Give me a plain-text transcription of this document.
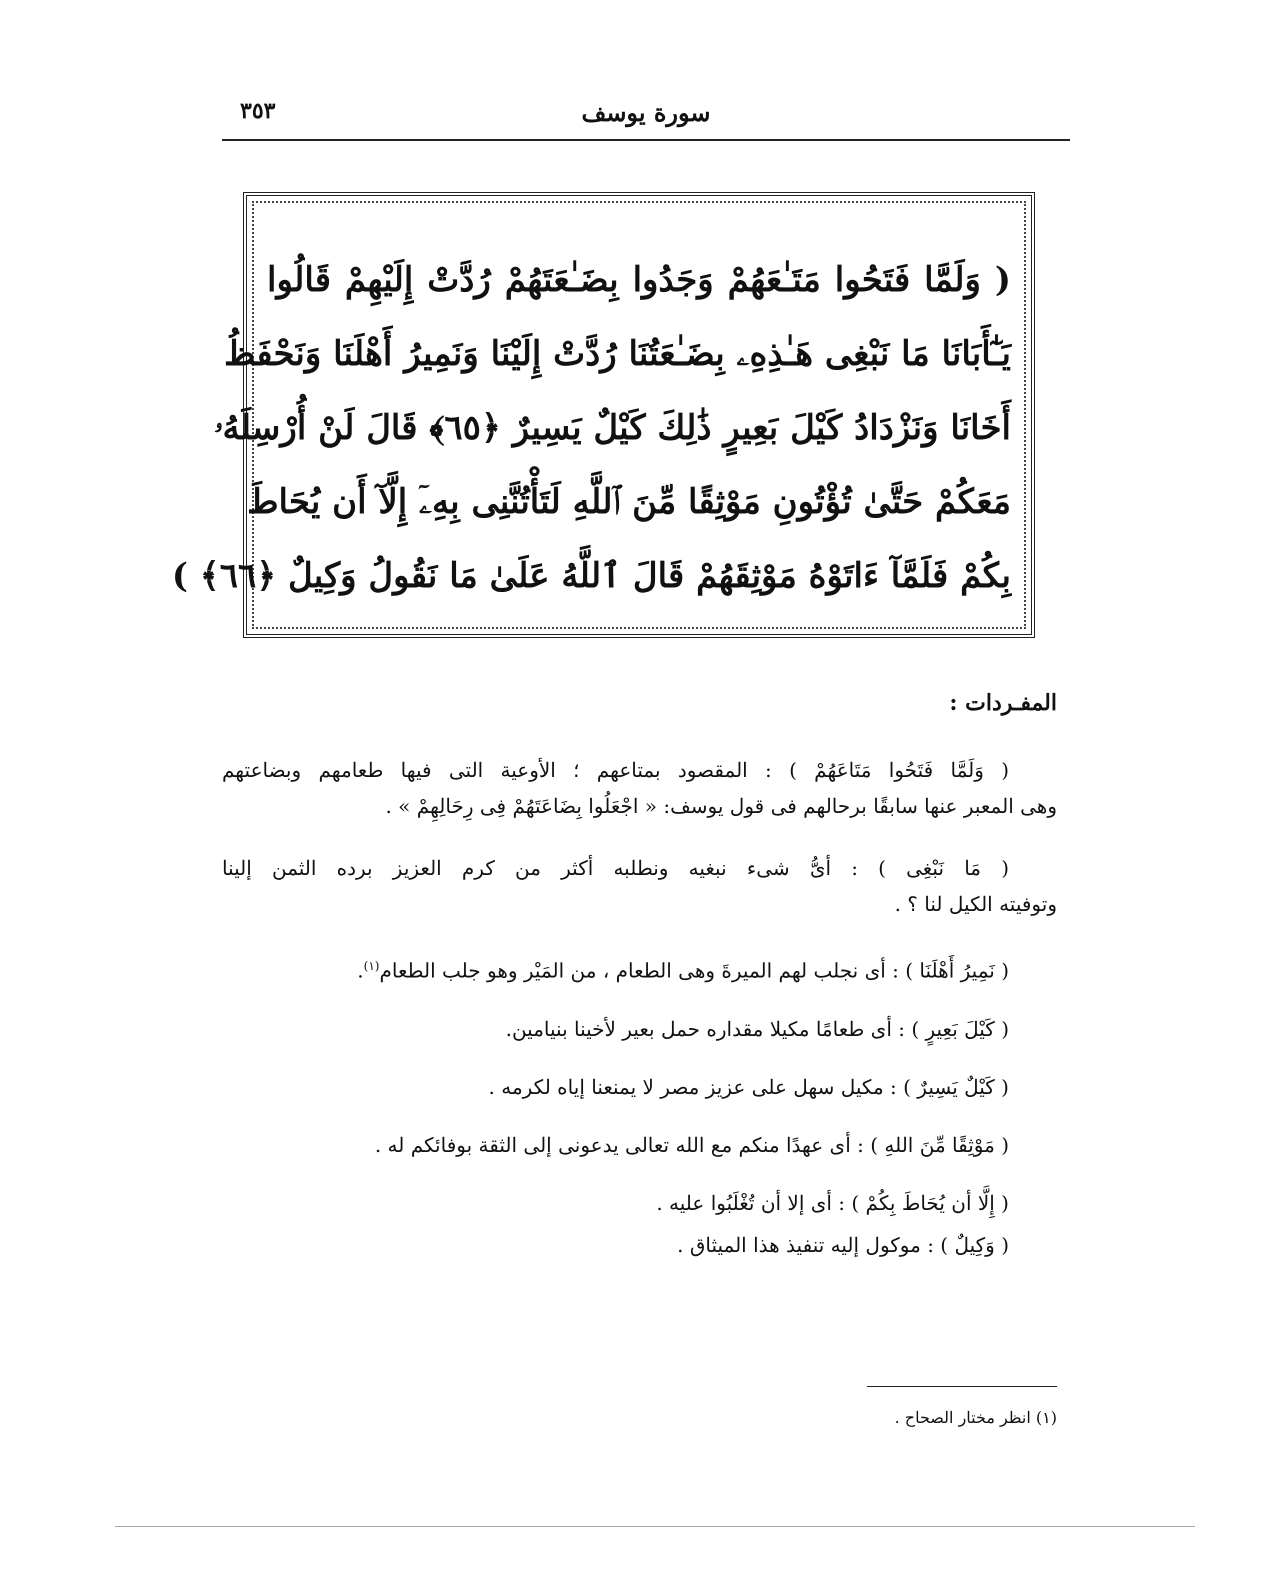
سورة يوسف
٣٥٣
( وَلَمَّا فَتَحُوا مَتَـٰعَهُمْ وَجَدُوا بِضَـٰعَتَهُمْ رُدَّتْ إِلَيْهِمْ قَالُوا
يَـٰٓأَبَانَا مَا نَبْغِى هَـٰذِهِۦ بِضَـٰعَتُنَا رُدَّتْ إِلَيْنَا وَنَمِيرُ أَهْلَنَا وَنَحْفَظُ
أَخَانَا وَنَزْدَادُ كَيْلَ بَعِيرٍ ذَٰلِكَ كَيْلٌ يَسِيرٌ ﴿٦٥﴾ قَالَ لَنْ أُرْسِلَهُۥ
مَعَكُمْ حَتَّىٰ تُؤْتُونِ مَوْثِقًا مِّنَ ٱللَّهِ لَتَأْتُنَّنِى بِهِۦٓ إِلَّآ أَن يُحَاطَ
بِكُمْ فَلَمَّآ ءَاتَوْهُ مَوْثِقَهُمْ قَالَ ٱللَّهُ عَلَىٰ مَا نَقُولُ وَكِيلٌ ﴿٦٦﴾ )
المفـردات :

( وَلَمَّا فَتَحُوا مَتَاعَهُمْ ) : المقصود بمتاعهم ؛ الأوعية التى فيها طعامهم وبضاعتهم

وهى المعبر عنها سابقًا برحالهم فى قول يوسف: « اجْعَلُوا بِضَاعَتَهُمْ فِى رِحَالِهِمْ » .

( مَا نَبْغِى ) : أىُّ شىء نبغيه ونطلبه أكثر من كرم العزيز برده الثمن إلينا

وتوفيته الكيل لنا ؟ .

( نَمِيرُ أَهْلَنَا ) : أى نجلب لهم الميرةَ وهى الطعام ، من المَيْر وهو جلب الطعام$^{(١)}$.

( كَيْلَ بَعِيرٍ ) : أى طعامًا مكيلا مقداره حمل بعير لأخينا بنيامين.

( كَيْلٌ يَسِيرٌ ) : مكيل سهل على عزيز مصر لا يمنعنا إياه لكرمه .

( مَوْثِقًا مِّنَ اللهِ ) : أى عهدًا منكم مع الله تعالى يدعونى إلى الثقة بوفائكم له .

( إِلَّا أن يُحَاطَ بِكُمْ ) : أى إلا أن تُغْلَبُوا عليه .

( وَكِيلٌ ) : موكول إليه تنفيذ هذا الميثاق .

(١) انظر مختار الصحاح .
